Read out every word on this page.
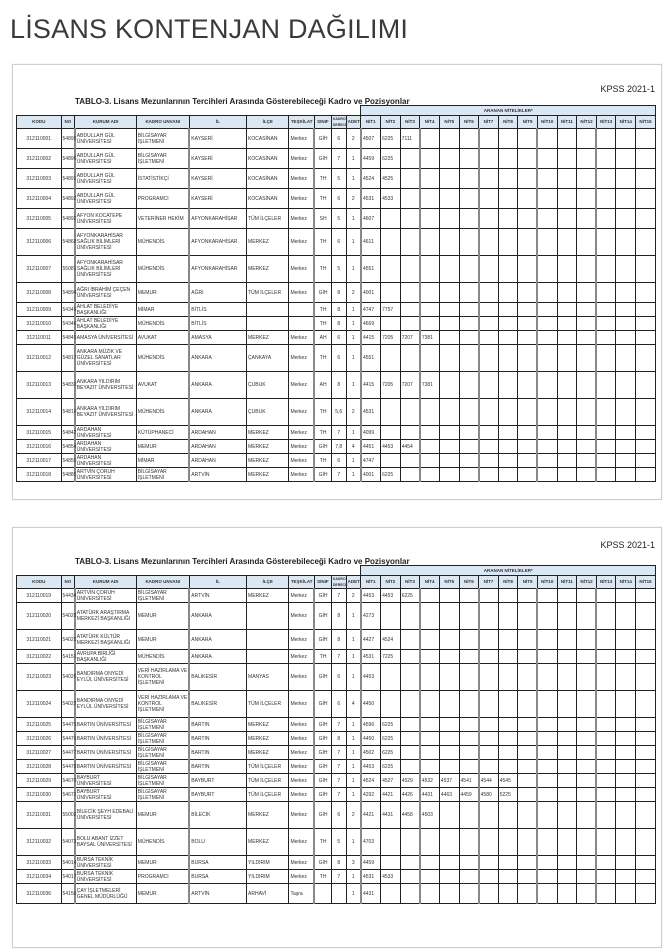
LİSANS KONTENJAN DAĞILIMI
KPSS 2021-1
TABLO-3. Lisans Mezunlarının Tercihleri Arasında Gösterebileceği Kadro ve Pozisyonlar
										ARANAN NİTELİKLER*														
KODU	NO	KURUM ADI	KADRO UNVANI	İL	İLÇE	TEŞKİLAT	SINIF	KADRO DERECE	ADET	NİT1	NİT2	NİT3	NİT4	NİT5	NİT6	NİT7	NİT8	NİT9	NİT10	NİT11	NİT12	NİT13	NİT14	NİT15
312110001	54895	ABDULLAH GÜL ÜNİVERSİTESİ	BİLGİSAYAR İŞLETMENİ	KAYSERİ	KOCASİNAN	Merkez	GİH	6	2	4507	6225	7111												
312110002	54896	ABDULLAH GÜL ÜNİVERSİTESİ	BİLGİSAYAR İŞLETMENİ	KAYSERİ	KOCASİNAN	Merkez	GİH	7	1	4459	6225													
312110003	54891	ABDULLAH GÜL ÜNİVERSİTESİ	İSTATİSTİKÇİ	KAYSERİ	KOCASİNAN	Merkez	TH	5	1	4524	4525													
312110004	54892	ABDULLAH GÜL ÜNİVERSİTESİ	PROGRAMCI	KAYSERİ	KOCASİNAN	Merkez	TH	6	2	4531	4533													
312110005	54892	AFYON KOCATEPE ÜNİVERSİTESİ	VETERİNER HEKİM	AFYONKARAHİSAR	TÜM İLÇELER	Merkez	SH	5	1	4607														
312110006	54868	AFYONKARAHİSAR SAĞLIK BİLİMLERİ ÜNİVERSİTESİ	MÜHENDİS	AFYONKARAHİSAR	MERKEZ	Merkez	TH	6	1	4611														
312110007	55081	AFYONKARAHİSAR SAĞLIK BİLİMLERİ ÜNİVERSİTESİ	MÜHENDİS	AFYONKARAHİSAR	MERKEZ	Merkez	TH	5	1	4551														
312110008	54894	AĞRI İBRAHİM ÇEÇEN ÜNİVERSİTESİ	MEMUR	AĞRI	TÜM İLÇELER	Merkez	GİH	8	2	4001														
312110009	54345	AHLAT BELEDİYE BAŞKANLIĞI	MİMAR	BİTLİS			TH	8	1	4747	7757													
312110010	54346	AHLAT BELEDİYE BAŞKANLIĞI	MÜHENDİS	BİTLİS			TH	8	1	4669														
312110011	54845	AMASYA ÜNİVERSİTESİ	AVUKAT	AMASYA	MERKEZ	Merkez	AH	6	1	4415	7205	7207	7381											
312110012	54817	ANKARA MÜZİK VE GÜZEL SANATLAR ÜNİVERSİTESİ	MÜHENDİS	ANKARA	ÇANKAYA	Merkez	TH	6	1	4551														
312110013	54832	ANKARA YILDIRIM BEYAZIT ÜNİVERSİTESİ	AVUKAT	ANKARA	ÇUBUK	Merkez	AH	8	1	4415	7205	7207	7381											
312110014	54819	ANKARA YILDIRIM BEYAZIT ÜNİVERSİTESİ	MÜHENDİS	ANKARA	ÇUBUK	Merkez	TH	5,6	2	4531														
312110015	54842	ARDAHAN ÜNİVERSİTESİ	KÜTÜPHANECİ	ARDAHAN	MERKEZ	Merkez	TH	7	1	4099														
312110016	54854	ARDAHAN ÜNİVERSİTESİ	MEMUR	ARDAHAN	MERKEZ	Merkez	GİH	7,8	4	4451	4453	4454												
312110017	54855	ARDAHAN ÜNİVERSİTESİ	MİMAR	ARDAHAN	MERKEZ	Merkez	TH	6	1	4747														
312110018	54885	ARTVİN ÇORUH ÜNİVERSİTESİ	BİLGİSAYAR İŞLETMENİ	ARTVİN	MERKEZ	Merkez	GİH	7	1	4001	6225													
KPSS 2021-1
TABLO-3. Lisans Mezunlarının Tercihleri Arasında Gösterebileceği Kadro ve Pozisyonlar
										ARANAN NİTELİKLER*														
KODU	NO	KURUM ADI	KADRO UNVANI	İL	İLÇE	TEŞKİLAT	SINIF	KADRO DERECE	ADET	NİT1	NİT2	NİT3	NİT4	NİT5	NİT6	NİT7	NİT8	NİT9	NİT10	NİT11	NİT12	NİT13	NİT14	NİT15
312110019	54434	ARTVİN ÇORUH ÜNİVERSİTESİ	BİLGİSAYAR İŞLETMENİ	ARTVİN	MERKEZ	Merkez	GİH	7	2	4453	4453	6225												
312110020	54028	ATATÜRK ARAŞTIRMA MERKEZİ BAŞKANLIĞI	MEMUR	ANKARA		Merkez	GİH	8	1	4273														
312110021	54025	ATATÜRK KÜLTÜR MERKEZİ BAŞKANLIĞI	MEMUR	ANKARA		Merkez	GİH	8	1	4427	4524													
312110022	54151	AVRUPA BİRLİĞİ BAŞKANLIĞI	MÜHENDİS	ANKARA		Merkez	TH	7	1	4531	7225													
312110023	54026	BANDIRMA ONYEDİ EYLÜL ÜNİVERSİTESİ	VERİ HAZIRLAMA VE KONTROL İŞLETMENİ	BALIKESİR	MANYAS	Merkez	GİH	6	1	4453														
312110024	54022	BANDIRMA ONYEDİ EYLÜL ÜNİVERSİTESİ	VERİ HAZIRLAMA VE KONTROL İŞLETMENİ	BALIKESİR	TÜM İLÇELER	Merkez	GİH	6	4	4450														
312110025	54475	BARTIN ÜNİVERSİTESİ	BİLGİSAYAR İŞLETMENİ	BARTIN	MERKEZ	Merkez	GİH	7	1	4596	6225													
312110026	54476	BARTIN ÜNİVERSİTESİ	BİLGİSAYAR İŞLETMENİ	BARTIN	MERKEZ	Merkez	GİH	8	1	4450	6225													
312110027	54477	BARTIN ÜNİVERSİTESİ	BİLGİSAYAR İŞLETMENİ	BARTIN	MERKEZ	Merkez	GİH	7	1	4502	6225													
312110028	54478	BARTIN ÜNİVERSİTESİ	BİLGİSAYAR İŞLETMENİ	BARTIN	TÜM İLÇELER	Merkez	GİH	7	1	4453	6225													
312110029	54670	BAYBURT ÜNİVERSİTESİ	BİLGİSAYAR İŞLETMENİ	BAYBURT	TÜM İLÇELER	Merkez	GİH	7	1	4524	4527	4529	4532	4537	4541	4544	4545							
312110030	54672	BAYBURT ÜNİVERSİTESİ	BİLGİSAYAR İŞLETMENİ	BAYBURT	TÜM İLÇELER	Merkez	GİH	7	1	4292	4421	4426	4431	4463	4459	4580	5225							
312110031	55002	BİLECİK ŞEYH EDEBALİ ÜNİVERSİTESİ	MEMUR	BİLECİK	MERKEZ	Merkez	GİH	6	2	4421	4431	4458	4503											
312110032	54073	BOLU ABANT İZZET BAYSAL ÜNİVERSİTESİ	MÜHENDİS	BOLU	MERKEZ	Merkez	TH	5	1	4703														
312110033	54014	BURSA TEKNİK ÜNİVERSİTESİ	MEMUR	BURSA	YILDIRIM	Merkez	GİH	8	3	4459														
312110034	54017	BURSA TEKNİK ÜNİVERSİTESİ	PROGRAMCI	BURSA	YILDIRIM	Merkez	TH	7	1	4531	4533													
312110036	54150	ÇAY İŞLETMELERİ GENEL MÜDÜRLÜĞÜ	MEMUR	ARTVİN	ARHAVİ	Taşra			1	4431														
